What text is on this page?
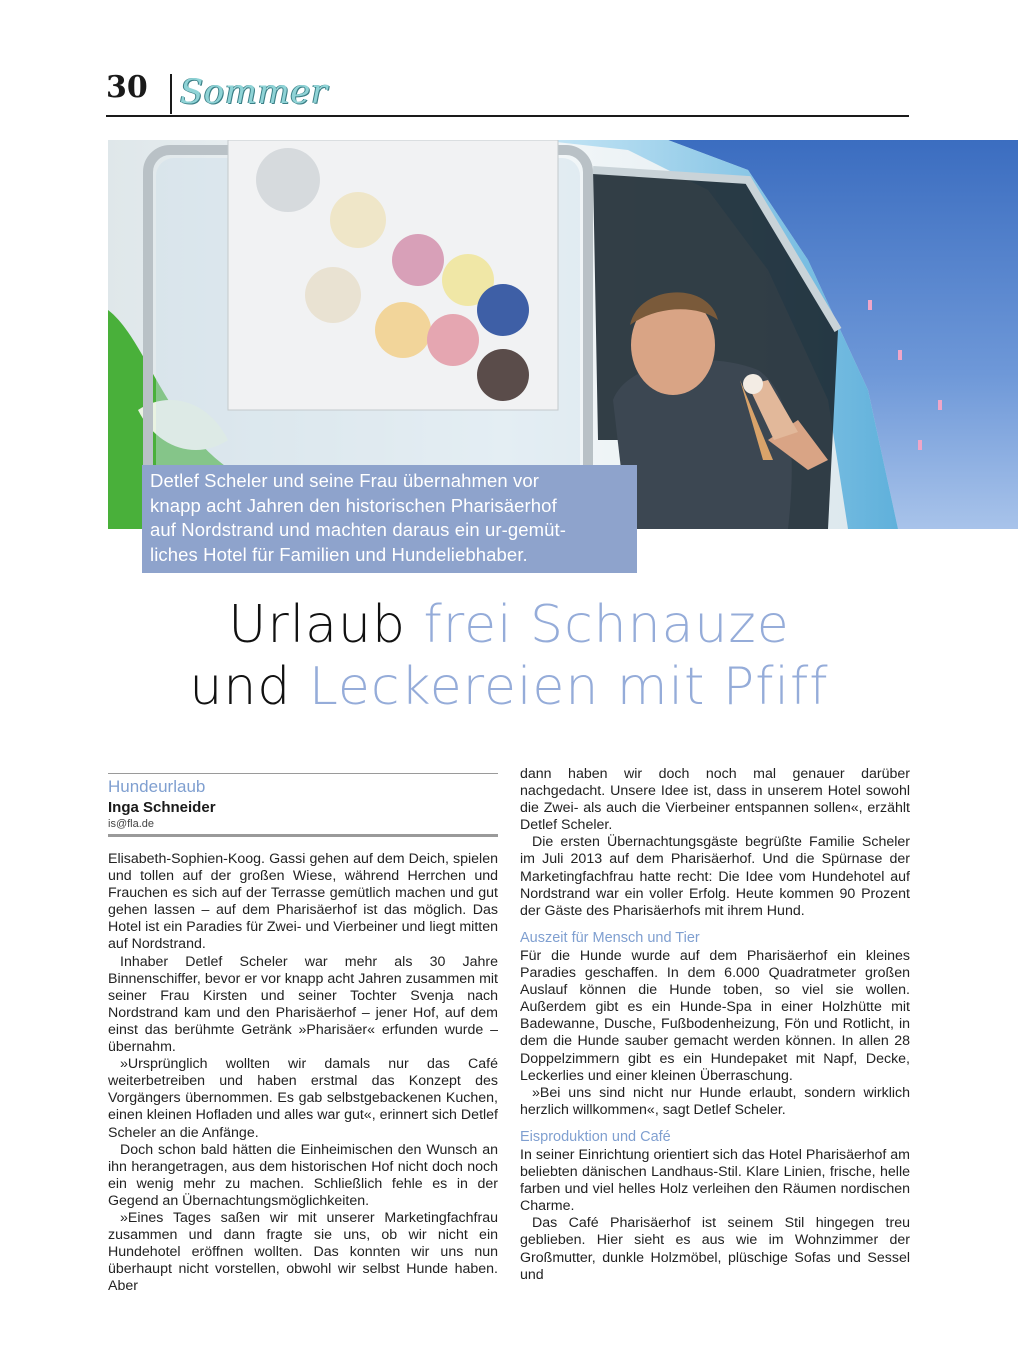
30 Sommer
Detlef Scheler und seine Frau übernahmen vor
knapp acht Jahren den historischen Pharisäerhof
auf Nordstrand und machten daraus ein ur-gemüt-
liches Hotel für Familien und Hundeliebhaber.
Urlaub frei Schnauze
und Leckereien mit Pfiff
Hundeurlaub
Inga Schneider
is@fla.de

Elisabeth-Sophien-Koog. Gassi gehen auf dem Deich, spielen und tollen auf der großen Wiese, während Herrchen und Frauchen es sich auf der Terrasse gemütlich machen und gut gehen lassen – auf dem Pharisäerhof ist das möglich. Das Hotel ist ein Paradies für Zwei- und Vierbeiner und liegt mitten auf Nordstrand.

Inhaber Detlef Scheler war mehr als 30 Jahre Binnenschiffer, bevor er vor knapp acht Jahren zusammen mit seiner Frau Kirsten und seiner Tochter Svenja nach Nordstrand kam und den Pharisäerhof – jener Hof, auf dem einst das berühmte Getränk »Pharisäer« erfunden wurde – übernahm.

»Ursprünglich wollten wir damals nur das Café weiterbetreiben und haben erstmal das Konzept des Vorgängers übernommen. Es gab selbstgebackenen Kuchen, einen kleinen Hofladen und alles war gut«, erinnert sich Detlef Scheler an die Anfänge.

Doch schon bald hätten die Einheimischen den Wunsch an ihn herangetragen, aus dem historischen Hof nicht doch noch ein wenig mehr zu machen. Schließlich fehle es in der Gegend an Übernachtungsmöglichkeiten.

»Eines Tages saßen wir mit unserer Marketingfachfrau zusammen und dann fragte sie uns, ob wir nicht ein Hundehotel eröffnen wollten. Das konnten wir uns nun überhaupt nicht vorstellen, obwohl wir selbst Hunde haben. Aber

dann haben wir doch noch mal genauer darüber nachgedacht. Unsere Idee ist, dass in unserem Hotel sowohl die Zwei- als auch die Vierbeiner entspannen sollen«, erzählt Detlef Scheler.

Die ersten Übernachtungsgäste begrüßte Familie Scheler im Juli 2013 auf dem Pharisäerhof. Und die Spürnase der Marketingfachfrau hatte recht: Die Idee vom Hundehotel auf Nordstrand war ein voller Erfolg. Heute kommen 90 Prozent der Gäste des Pharisäerhofs mit ihrem Hund.

Auszeit für Mensch und Tier

Für die Hunde wurde auf dem Pharisäerhof ein kleines Paradies geschaffen. In dem 6.000 Quadratmeter großen Auslauf können die Hunde toben, so viel sie wollen. Außerdem gibt es ein Hunde-Spa in einer Holzhütte mit Badewanne, Dusche, Fußbodenheizung, Fön und Rotlicht, in dem die Hunde sauber gemacht werden können. In allen 28 Doppelzimmern gibt es ein Hundepaket mit Napf, Decke, Leckerlies und einer kleinen Überraschung.

»Bei uns sind nicht nur Hunde erlaubt, sondern wirklich herzlich willkommen«, sagt Detlef Scheler.

Eisproduktion und Café

In seiner Einrichtung orientiert sich das Hotel Pharisäerhof am beliebten dänischen Landhaus-Stil. Klare Linien, frische, helle farben und viel helles Holz verleihen den Räumen nordischen Charme.

Das Café Pharisäerhof ist seinem Stil hingegen treu geblieben. Hier sieht es aus wie im Wohnzimmer der Großmutter, dunkle Holzmöbel, plüschige Sofas und Sessel und
